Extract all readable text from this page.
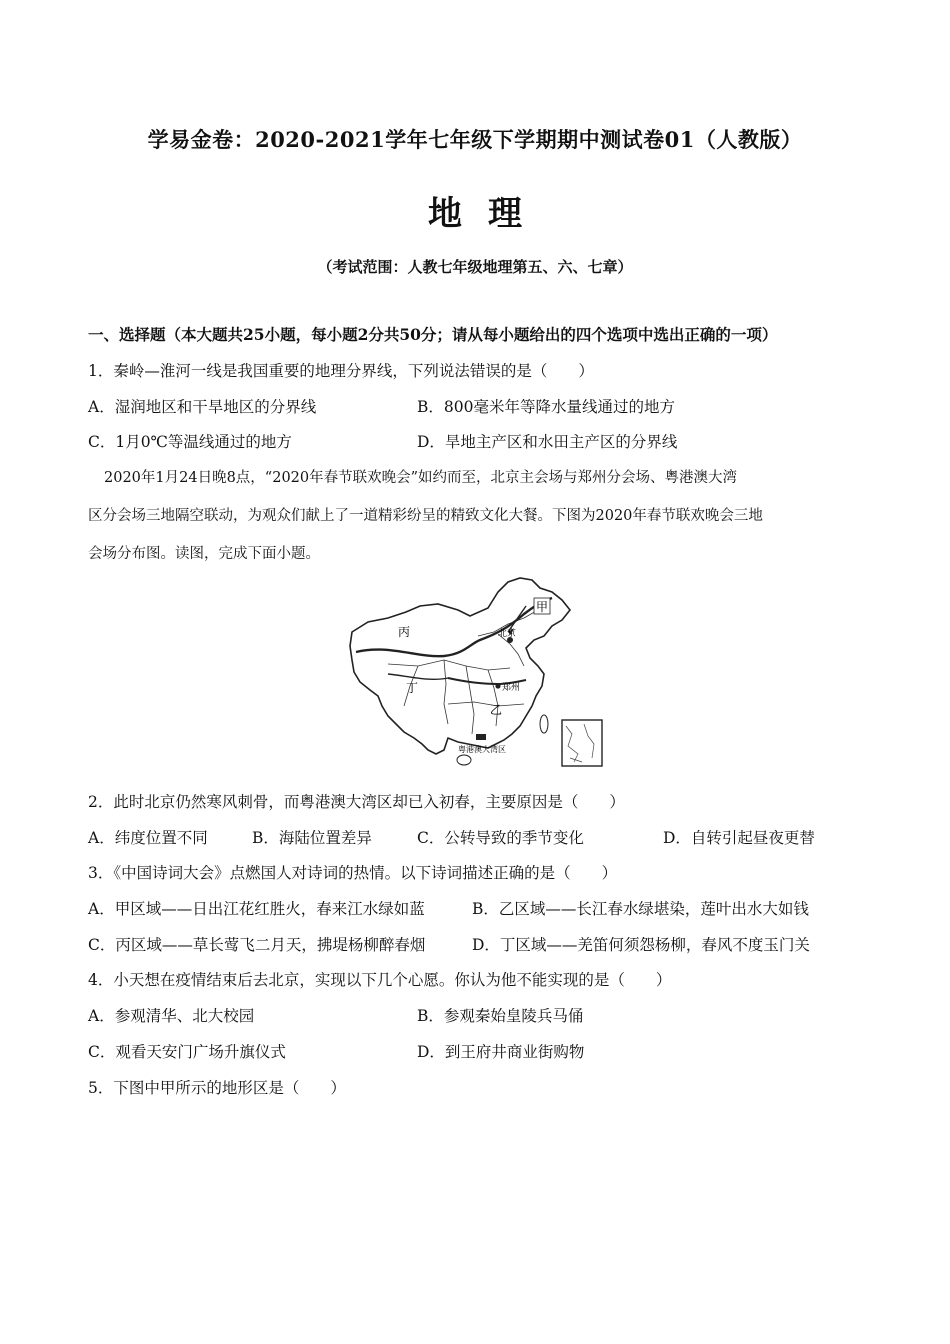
学易金卷：2020-2021学年七年级下学期期中测试卷01（人教版）
地理
（考试范围：人教七年级地理第五、六、七章）
一、选择题（本大题共25小题，每小题2分共50分；请从每小题给出的四个选项中选出正确的一项）
1．秦岭—淮河一线是我国重要的地理分界线，下列说法错误的是（　　）
A．湿润地区和干旱地区的分界线	B．800毫米年等降水量线通过的地方
C．1月0℃等温线通过的地方	D．旱地主产区和水田主产区的分界线
2020年1月24日晚8点，“2020年春节联欢晚会”如约而至，北京主会场与郑州分会场、粤港澳大湾
区分会场三地隔空联动，为观众们献上了一道精彩纷呈的精致文化大餐。下图为2020年春节联欢晚会三地
会场分布图。读图，完成下面小题。
甲
丙
丁
乙
北京
郑州
粤港澳大湾区
2．此时北京仍然寒风刺骨，而粤港澳大湾区却已入初春，主要原因是（　　）
A．纬度位置不同	B．海陆位置差异	C．公转导致的季节变化	D．自转引起昼夜更替
3．《中国诗词大会》点燃国人对诗词的热情。以下诗词描述正确的是（　　）
A．甲区域——日出江花红胜火，春来江水绿如蓝	B．乙区域——长江春水绿堪染，莲叶出水大如钱
C．丙区域——草长莺飞二月天，拂堤杨柳醉春烟	D．丁区域——羌笛何须怨杨柳，春风不度玉门关
4．小天想在疫情结束后去北京，实现以下几个心愿。你认为他不能实现的是（　　）
A．参观清华、北大校园	B．参观秦始皇陵兵马俑
C．观看天安门广场升旗仪式	D．到王府井商业街购物
5．下图中甲所示的地形区是（　　）
